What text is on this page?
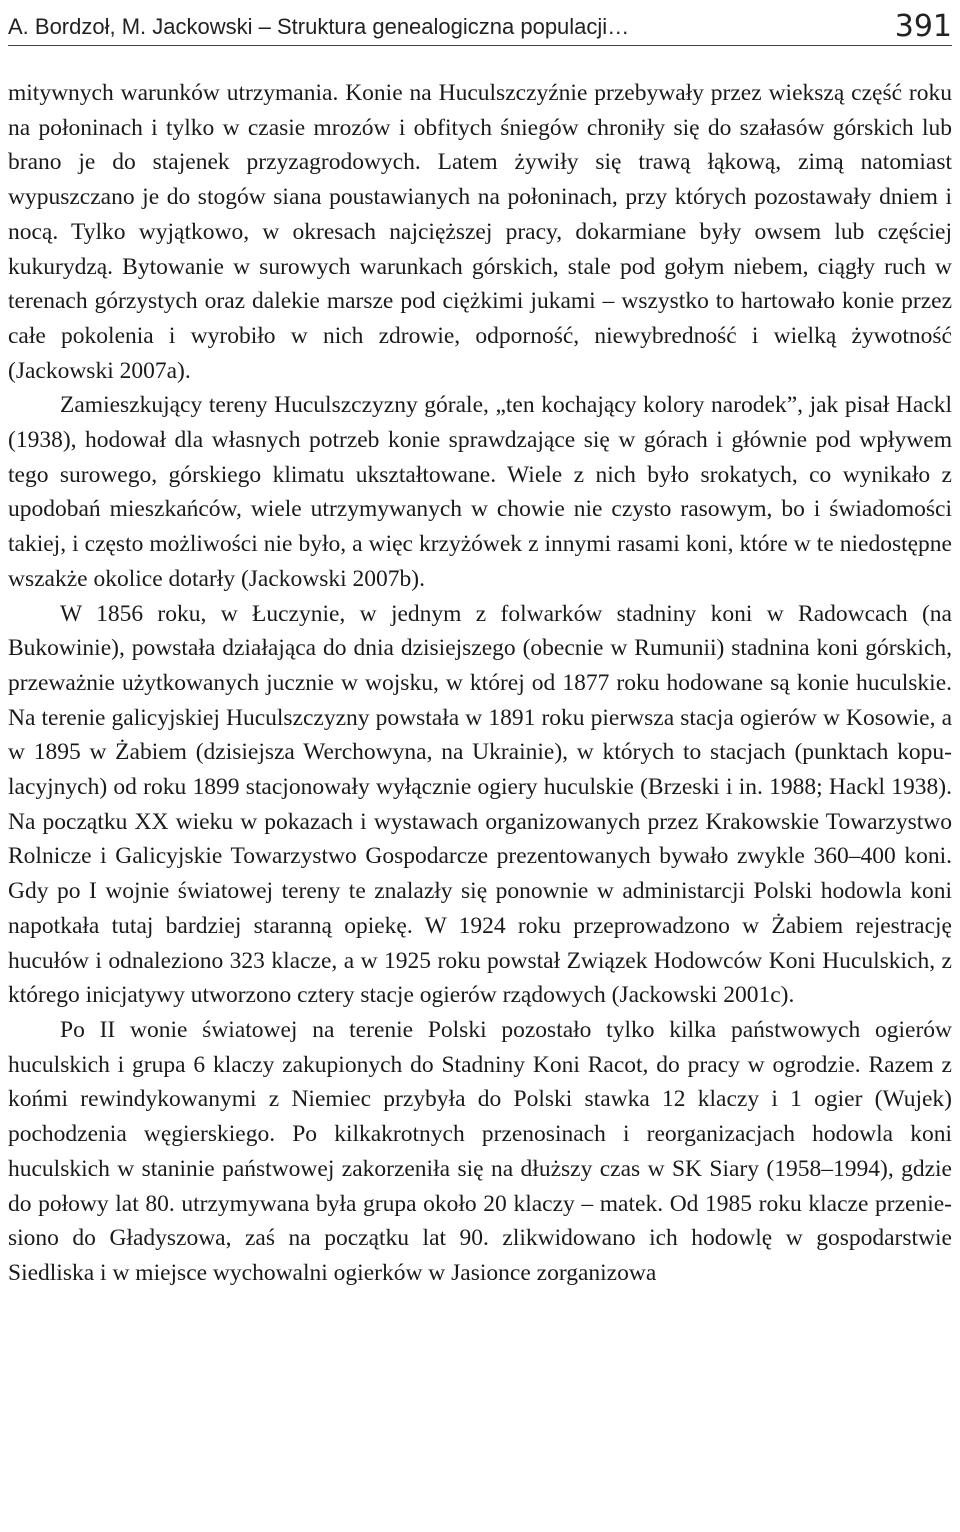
A. Bordzoł, M. Jackowski – Struktura genealogiczna populacji…	391

mitywnych warunków utrzymania. Konie na Huculszczyźnie przebywały przez wiekszą część roku na połoninach i tylko w czasie mrozów i obfitych śniegów chroniły się do szałasów górskich lub brano je do stajenek przyzagrodowych. Latem żywiły się trawą łąkową, zimą natomiast wypuszczano je do stogów siana poustawianych na połoninach, przy których pozostawały dniem i nocą. Tylko wyjątkowo, w okresach najcięższej pracy, dokarmiane były owsem lub częściej kukurydzą. Bytowanie w surowych warunkach górskich, stale pod gołym niebem, ciągły ruch w terenach górzystych oraz dalekie marsze pod ciężkimi jukami – wszystko to hartowało konie przez całe pokolenia i wyrobiło w nich zdrowie, odporność, niewybredność i wielką żywotność (Jackowski 2007a).

Zamieszkujący tereny Huculszczyzny górale, „ten kochający kolory narodek”, jak pisał Hackl (1938), hodował dla własnych potrzeb konie sprawdzające się w górach i głównie pod wpływem tego surowego, górskiego klimatu ukształtowane. Wiele z nich było srokatych, co wynikało z upodobań mieszkańców, wiele utrzymywanych w chowie nie czysto rasowym, bo i świadomości takiej, i często możliwości nie było, a więc krzyżówek z innymi rasami koni, które w te niedostępne wszakże okolice dotarły (Jackowski 2007b).

W 1856 roku, w Łuczynie, w jednym z folwarków stadniny koni w Radowcach (na Bukowinie), powstała działająca do dnia dzisiejszego (obecnie w Rumunii) stadnina koni górskich, przeważnie użytkowanych jucznie w wojsku, w której od 1877 roku hodowane są konie huculskie. Na terenie galicyjskiej Huculszczyzny powstała w 1891 roku pierwsza stacja ogierów w Kosowie, a w 1895 w Żabiem (dzisiejsza Werchowyna, na Ukrainie), w których to stacjach (punktach kopulacyjnych) od roku 1899 stacjonowały wyłącznie ogiery huculskie (Brzeski i in. 1988; Hackl 1938). Na początku XX wieku w pokazach i wystawach organizowanych przez Krakowskie Towarzystwo Rolnicze i Galicyjskie Towarzystwo Gospodarcze prezentowanych bywało zwykle 360–400 koni. Gdy po I wojnie światowej tereny te znalazły się ponownie w administarcji Polski hodowla koni napotkała tutaj bardziej staranną opiekę. W 1924 roku przeprowadzono w Żabiem rejestrację hucułów i odnaleziono 323 klacze, a w 1925 roku powstał Związek Hodowców Koni Huculskich, z którego inicjatywy utworzono cztery stacje ogierów rządowych (Jackowski 2001c).

Po II wonie światowej na terenie Polski pozostało tylko kilka państwowych ogierów huculskich i grupa 6 klaczy zakupionych do Stadniny Koni Racot, do pracy w ogrodzie. Razem z końmi rewindykowanymi z Niemiec przybyła do Polski stawka 12 klaczy i 1 ogier (Wujek) pochodzenia węgierskiego. Po kilkakrotnych przenosinach i reorganizacjach hodowla koni huculskich w staninie państwowej zakorzeniła się na dłuższy czas w SK Siary (1958–1994), gdzie do połowy lat 80. utrzymywana była grupa około 20 klaczy – matek. Od 1985 roku klacze przeniesiono do Gładyszowa, zaś na początku lat 90. zlikwidowano ich hodowlę w gospodarstwie Siedliska i w miejsce wychowalni ogierków w Jasionce zorganizowa
